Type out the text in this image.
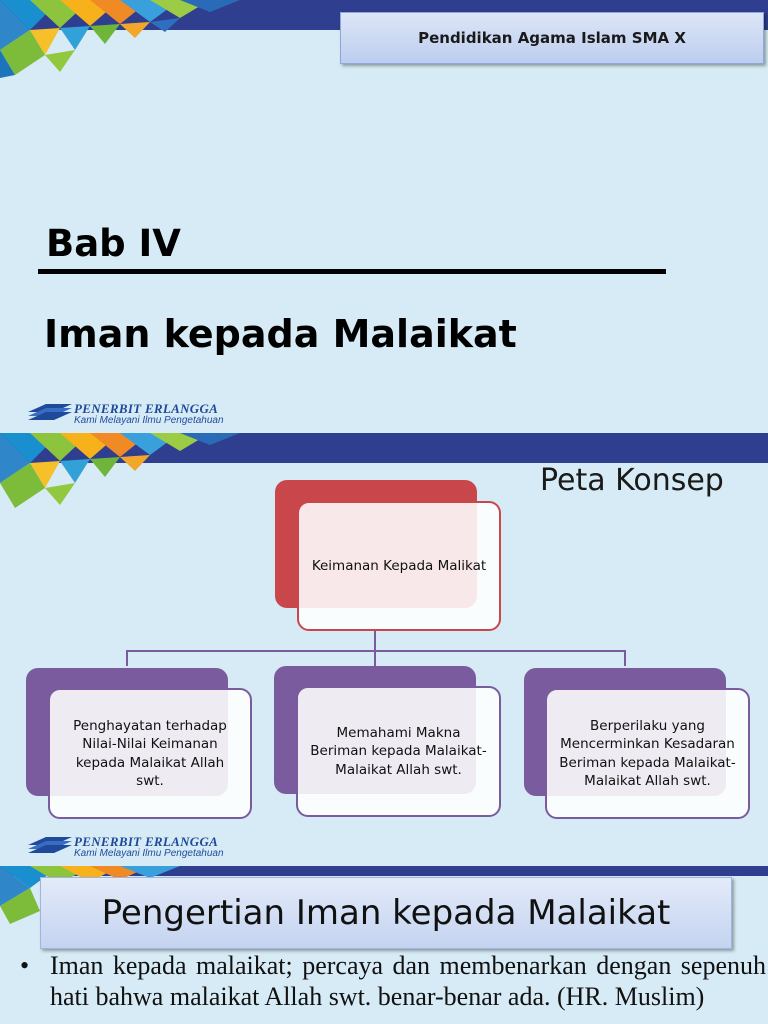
Pendidikan Agama Islam SMA X
Bab IV
Iman kepada Malaikat
PENERBIT ERLANGGA
Kami Melayani Ilmu Pengetahuan
Peta Konsep
Keimanan Kepada Malikat
Penghayatan terhadap Nilai-Nilai Keimanan kepada Malaikat Allah swt.
Memahami Makna Beriman kepada Malaikat-Malaikat Allah swt.
Berperilaku yang Mencerminkan Kesadaran Beriman kepada Malaikat-Malaikat Allah swt.
PENERBIT ERLANGGA
Kami Melayani Ilmu Pengetahuan
Pengertian Iman kepada Malaikat
• Iman kepada malaikat; percaya dan membenarkan dengan sepenuh hati bahwa malaikat Allah swt. benar-benar ada. (HR. Muslim)
